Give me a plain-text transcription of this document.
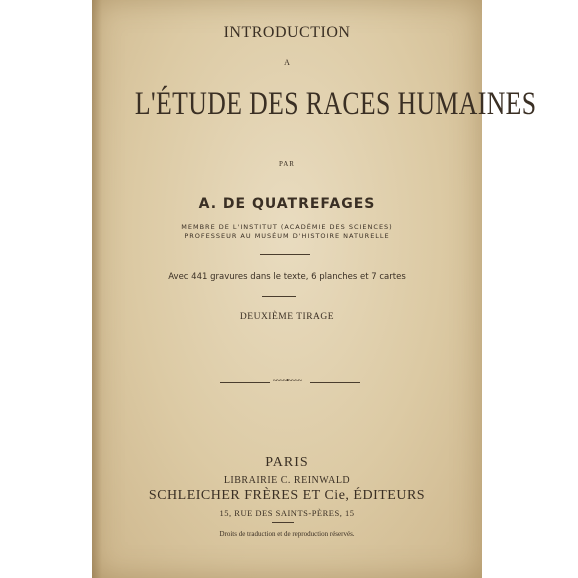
INTRODUCTION
A
L'ÉTUDE DES RACES HUMAINES
PAR
A. DE QUATREFAGES
MEMBRE DE L'INSTITUT (ACADÉMIE DES SCIENCES)
PROFESSEUR AU MUSÉUM D'HISTOIRE NATURELLE
Avec 441 gravures dans le texte, 6 planches et 7 cartes
DEUXIÈME TIRAGE
~~~~•~~~~
PARIS
LIBRAIRIE C. REINWALD
SCHLEICHER FRÈRES ET Cie, ÉDITEURS
15, RUE DES SAINTS-PÈRES, 15
Droits de traduction et de reproduction réservés.
